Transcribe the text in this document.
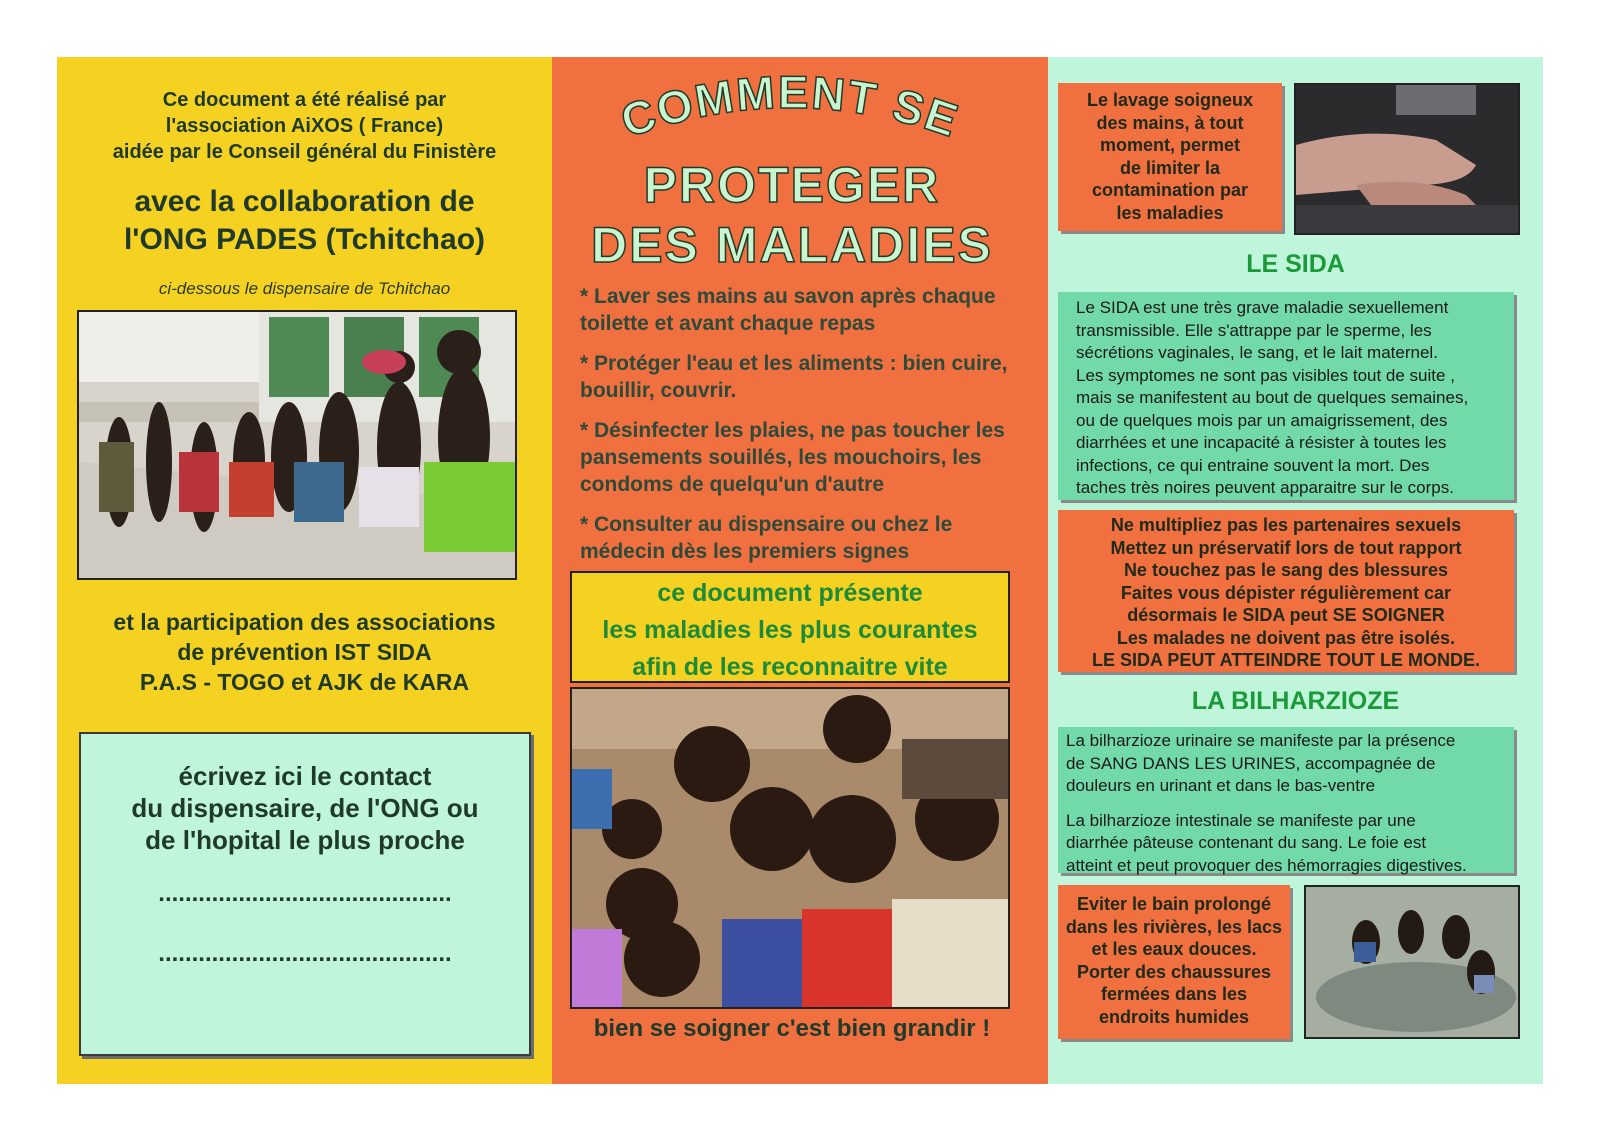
Ce document a été réalisé par
l'association AiXOS ( France)
aidée par le Conseil général du Finistère
avec la collaboration de
l'ONG PADES (Tchitchao)
ci-dessous le dispensaire de Tchitchao
et la participation des associations
de prévention IST SIDA
P.A.S - TOGO et AJK de KARA
écrivez ici le contact
du dispensaire, de l'ONG ou
de l'hopital le plus proche
............................................
............................................
COMMENT SE
PROTEGER
DES MALADIES

* Laver ses mains au savon après chaque toilette et avant chaque repas

* Protéger l'eau et les aliments : bien cuire, bouillir, couvrir.

* Désinfecter les plaies, ne pas toucher les pansements souillés, les mouchoirs, les condoms de quelqu'un d'autre

* Consulter au dispensaire ou chez le médecin dès les premiers signes

ce document présente
les maladies les plus courantes
afin de les reconnaitre vite
bien se soigner c'est bien grandir !
Le lavage soigneux
des mains, à tout
moment, permet
de limiter la
contamination par
les maladies
LE SIDA
Le SIDA est une très grave maladie sexuellement
transmissible. Elle s'attrappe par le sperme, les
sécrétions vaginales, le sang, et le lait maternel.
Les symptomes ne sont pas visibles tout de suite ,
mais se manifestent au bout de quelques semaines,
ou de quelques mois par un amaigrissement, des
diarrhées et une incapacité à résister à toutes les
infections, ce qui entraine souvent la mort. Des
taches très noires peuvent apparaitre sur le corps.
Ne multipliez pas les partenaires sexuels
Mettez un préservatif lors de tout rapport
Ne touchez pas le sang des blessures
Faites vous dépister régulièrement car
désormais le SIDA peut SE SOIGNER
Les malades ne doivent pas être isolés.
LE SIDA PEUT ATTEINDRE TOUT LE MONDE.
LA BILHARZIOZE
La bilharzioze urinaire se manifeste par la présence
de SANG DANS LES URINES, accompagnée de
douleurs en urinant et dans le bas-ventre
La bilharzioze intestinale se manifeste par une
diarrhée pâteuse contenant du sang. Le foie est
atteint et peut provoquer des hémorragies digestives.
Eviter le bain prolongé
dans les rivières, les lacs
et les eaux douces.
Porter des chaussures
fermées dans les
endroits humides
